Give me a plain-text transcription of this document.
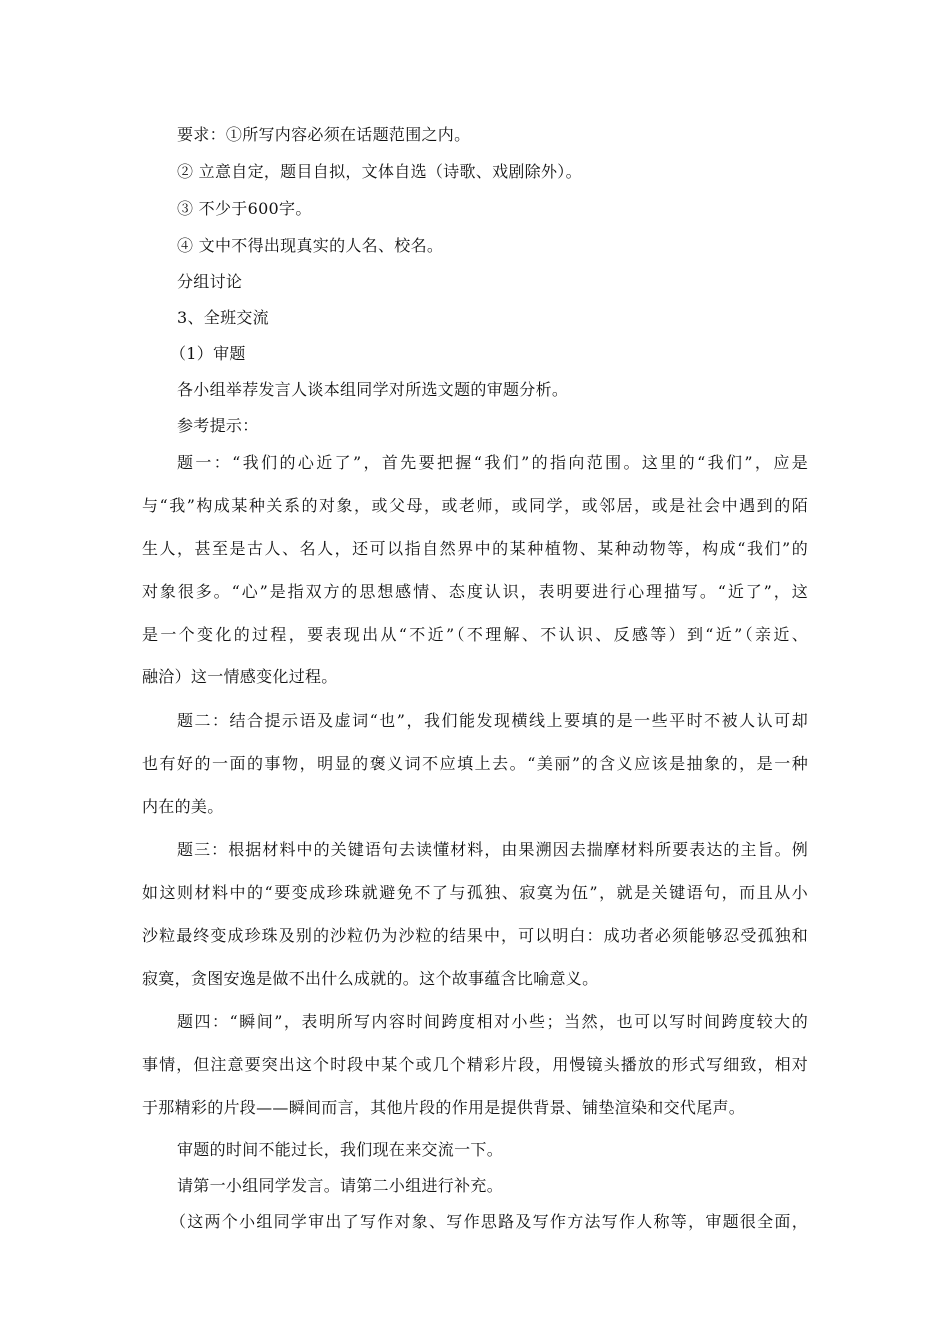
要求：①所写内容必须在话题范围之内。
② 立意自定，题目自拟，文体自选（诗歌、戏剧除外）。
③ 不少于600字。
④ 文中不得出现真实的人名、校名。
分组讨论
3、全班交流
（1）审题
各小组举荐发言人谈本组同学对所选文题的审题分析。
参考提示：
题一：“我们的心近了”，首先要把握“我们”的指向范围。这里的“我们”，应是
与“我”构成某种关系的对象，或父母，或老师，或同学，或邻居，或是社会中遇到的陌
生人，甚至是古人、名人，还可以指自然界中的某种植物、某种动物等，构成“我们”的
对象很多。“心”是指双方的思想感情、态度认识，表明要进行心理描写。“近了”，这
是一个变化的过程，要表现出从“不近”（不理解、不认识、反感等）到“近”（亲近、
融洽）这一情感变化过程。
题二：结合提示语及虚词“也”，我们能发现横线上要填的是一些平时不被人认可却
也有好的一面的事物，明显的褒义词不应填上去。“美丽”的含义应该是抽象的，是一种
内在的美。
题三：根据材料中的关键语句去读懂材料，由果溯因去揣摩材料所要表达的主旨。例
如这则材料中的“要变成珍珠就避免不了与孤独、寂寞为伍”，就是关键语句，而且从小
沙粒最终变成珍珠及别的沙粒仍为沙粒的结果中，可以明白：成功者必须能够忍受孤独和
寂寞，贪图安逸是做不出什么成就的。这个故事蕴含比喻意义。
题四：“瞬间”，表明所写内容时间跨度相对小些；当然，也可以写时间跨度较大的
事情，但注意要突出这个时段中某个或几个精彩片段，用慢镜头播放的形式写细致，相对
于那精彩的片段——瞬间而言，其他片段的作用是提供背景、铺垫渲染和交代尾声。
审题的时间不能过长，我们现在来交流一下。
请第一小组同学发言。请第二小组进行补充。
（这两个小组同学审出了写作对象、写作思路及写作方法写作人称等，审题很全面，
